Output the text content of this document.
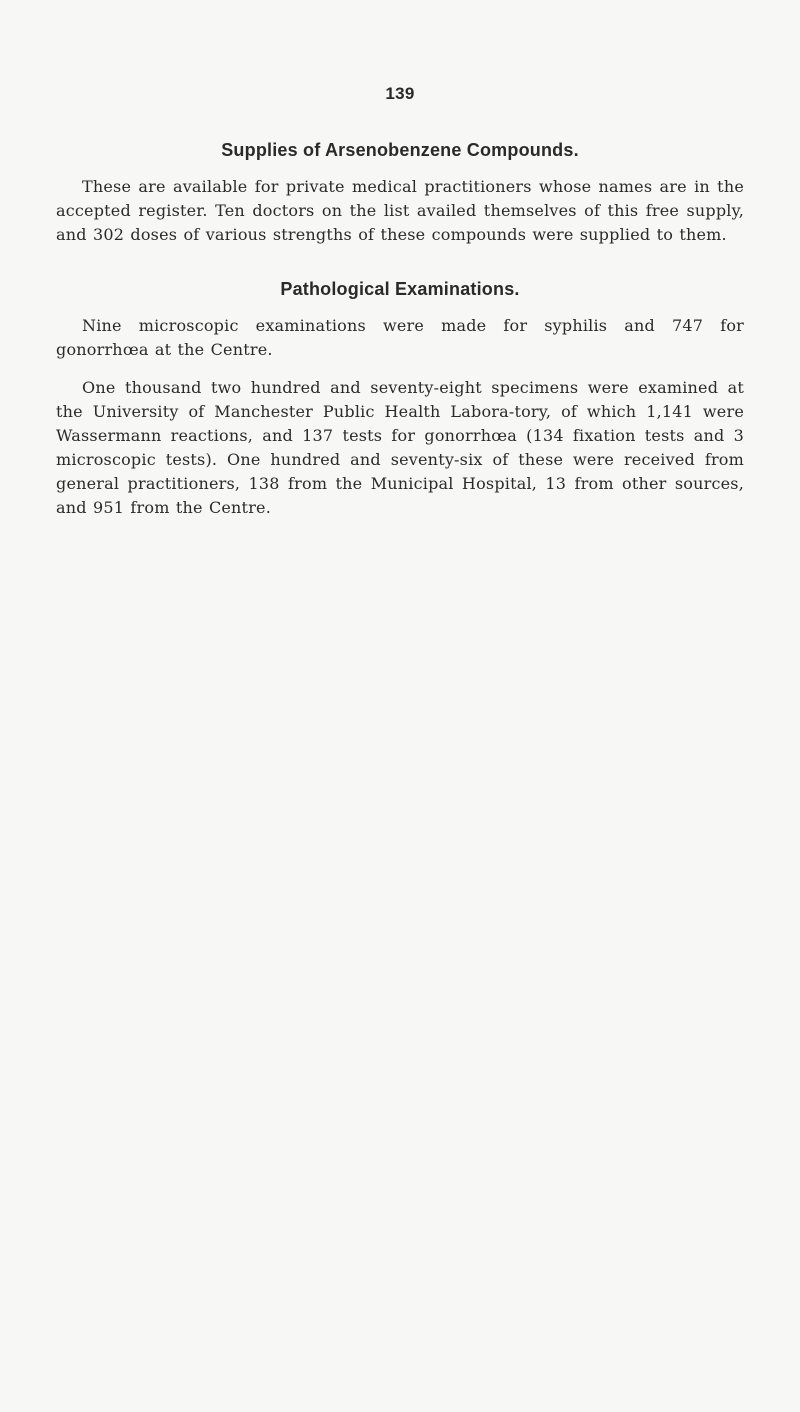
139
Supplies of Arsenobenzene Compounds.

These are available for private medical practitioners whose names are in the accepted register. Ten doctors on the list availed themselves of this free supply, and 302 doses of various strengths of these compounds were supplied to them.

Pathological Examinations.

Nine microscopic examinations were made for syphilis and 747 for gonorrhœa at the Centre.

One thousand two hundred and seventy-eight specimens were examined at the University of Manchester Public Health Labora-tory, of which 1,141 were Wassermann reactions, and 137 tests for gonorrhœa (134 fixation tests and 3 microscopic tests). One hundred and seventy-six of these were received from general practitioners, 138 from the Municipal Hospital, 13 from other sources, and 951 from the Centre.
